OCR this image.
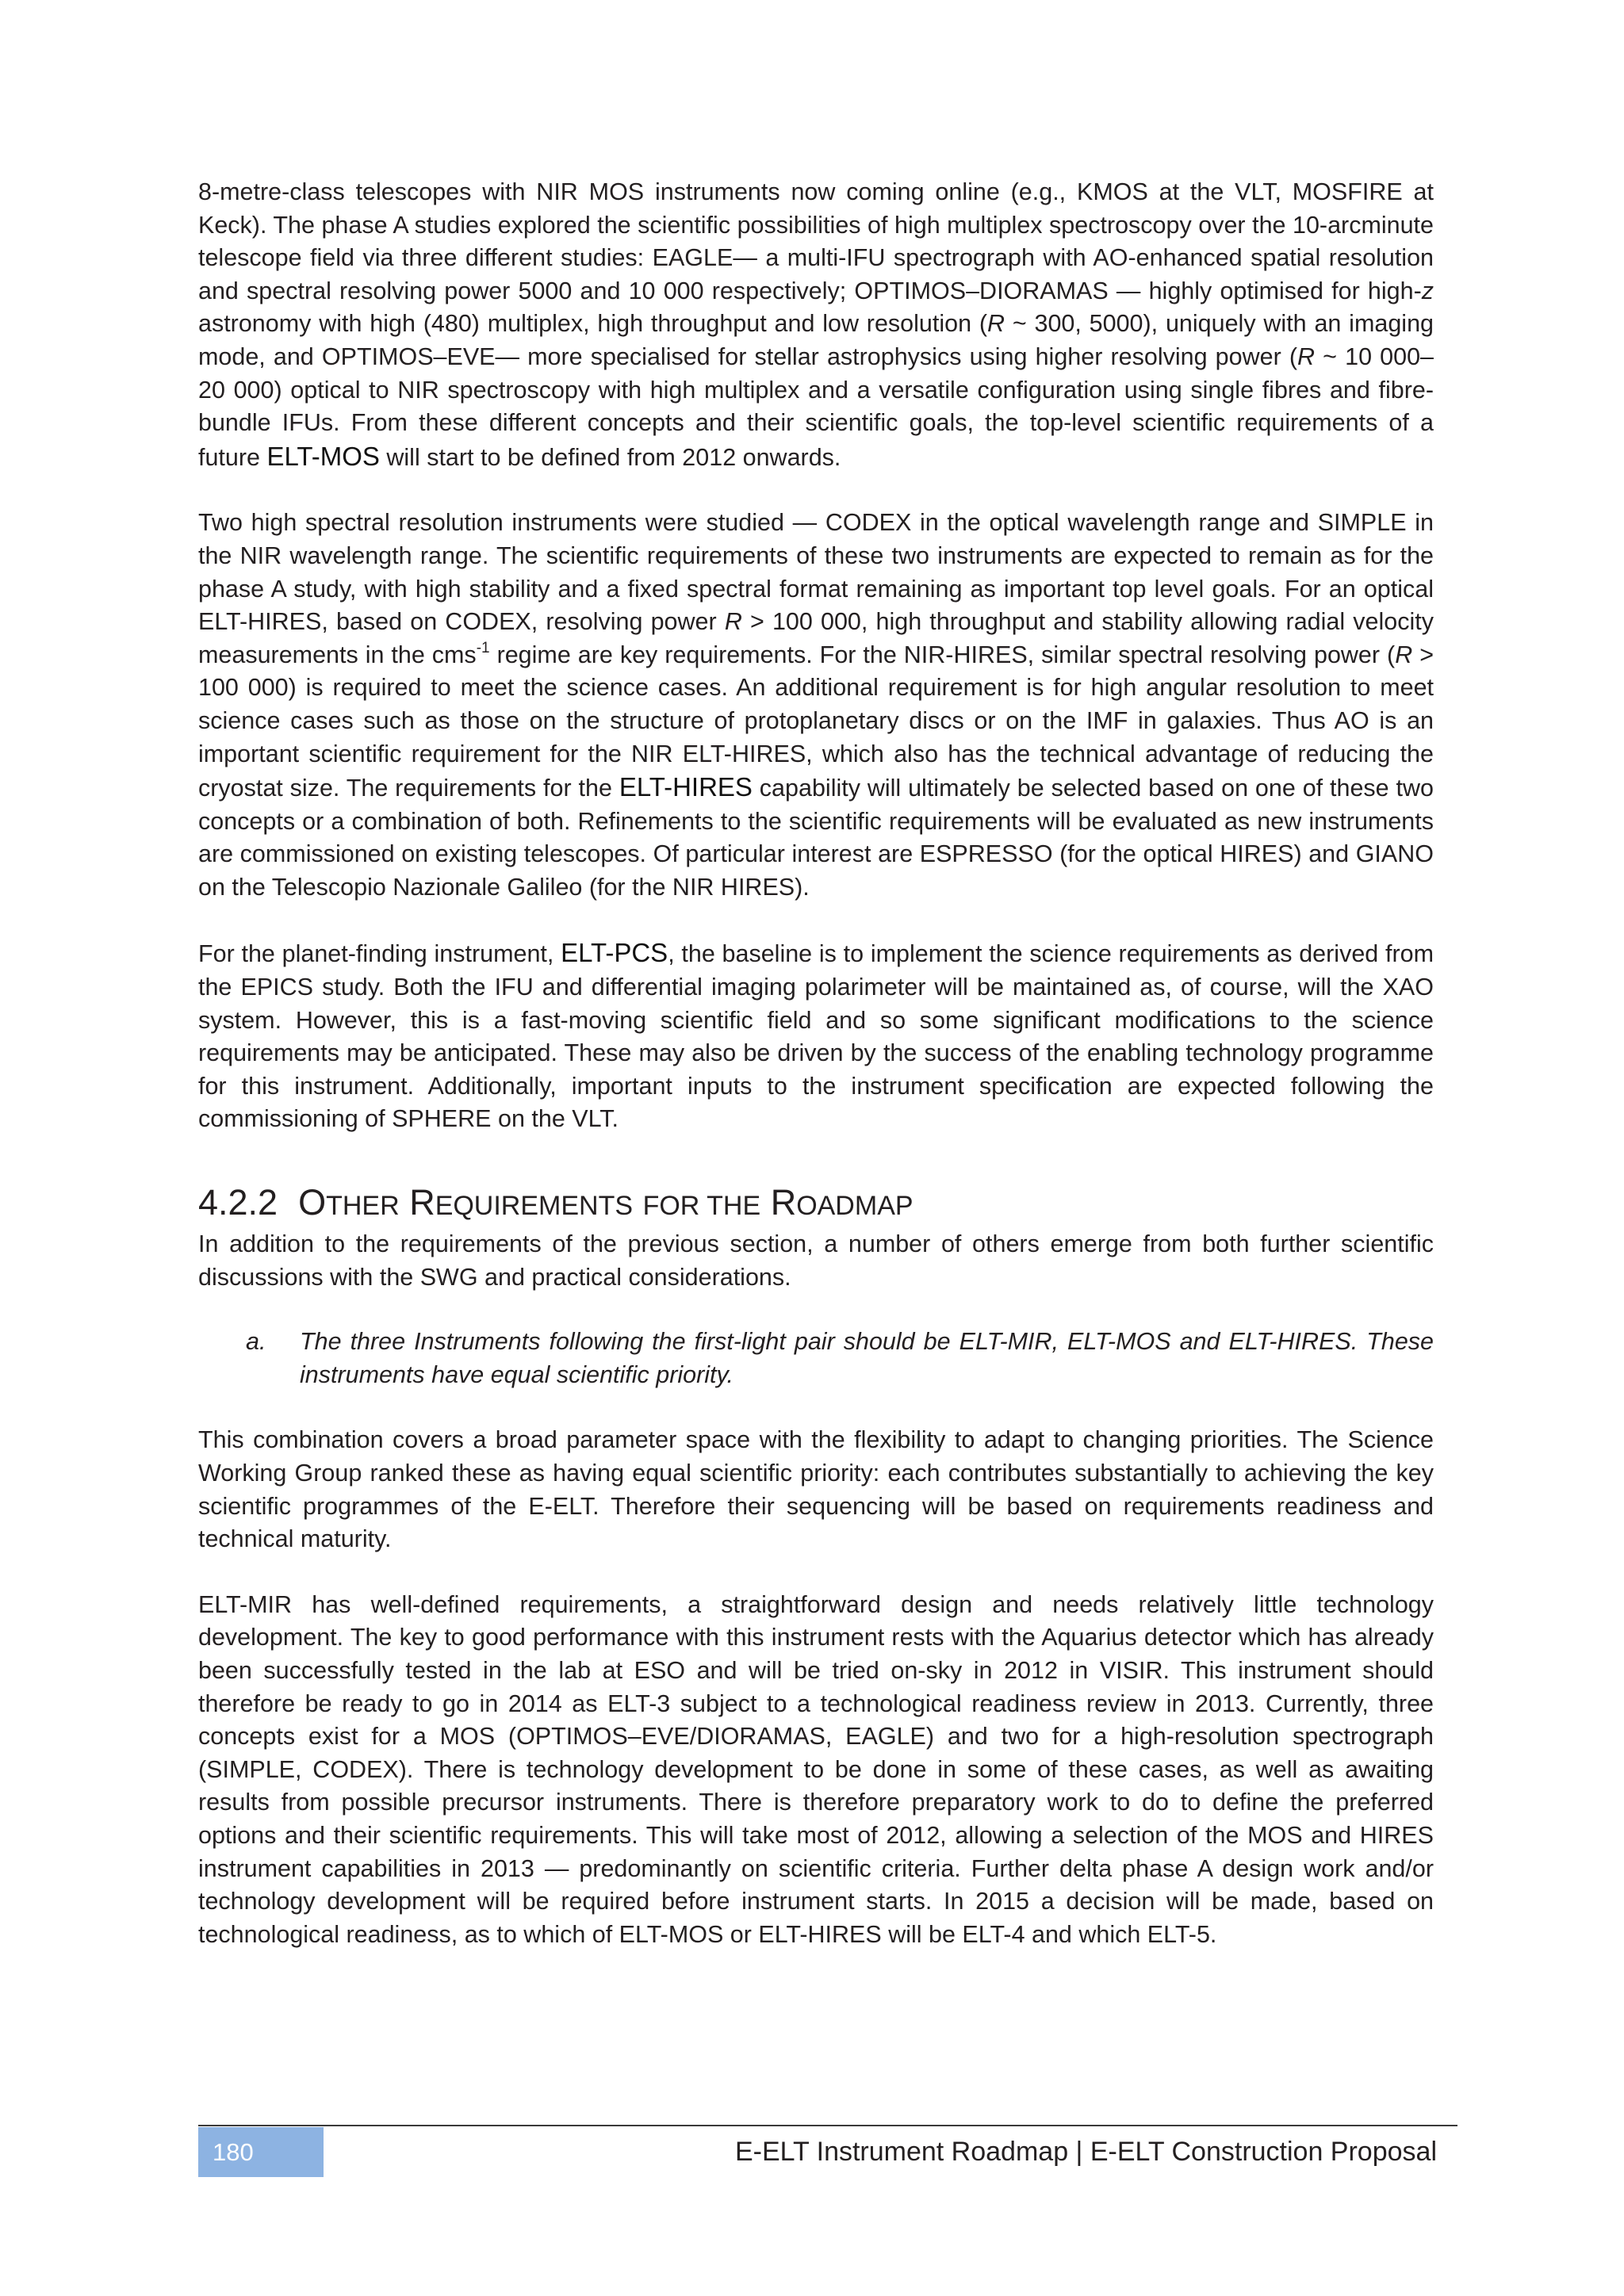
8-metre-class telescopes with NIR MOS instruments now coming online (e.g., KMOS at the VLT, MOSFIRE at Keck). The phase A studies explored the scientific possibilities of high multiplex spectroscopy over the 10-arcminute telescope field via three different studies: EAGLE— a multi-IFU spectrograph with AO-enhanced spatial resolution and spectral resolving power 5000 and 10 000 respectively; OPTIMOS–DIORAMAS — highly optimised for high-z astronomy with high (480) multiplex, high throughput and low resolution (R ~ 300, 5000), uniquely with an imaging mode, and OPTIMOS–EVE— more specialised for stellar astrophysics using higher resolving power (R ~ 10 000–20 000) optical to NIR spectroscopy with high multiplex and a versatile configuration using single fibres and fibre-bundle IFUs. From these different concepts and their scientific goals, the top-level scientific requirements of a future ELT-MOS will start to be defined from 2012 onwards.

Two high spectral resolution instruments were studied — CODEX in the optical wavelength range and SIMPLE in the NIR wavelength range. The scientific requirements of these two instruments are expected to remain as for the phase A study, with high stability and a fixed spectral format remaining as important top level goals. For an optical ELT-HIRES, based on CODEX, resolving power R > 100 000, high throughput and stability allowing radial velocity measurements in the cms$^{-1}$ regime are key requirements. For the NIR-HIRES, similar spectral resolving power (R > 100 000) is required to meet the science cases. An additional requirement is for high angular resolution to meet science cases such as those on the structure of protoplanetary discs or on the IMF in galaxies. Thus AO is an important scientific requirement for the NIR ELT-HIRES, which also has the technical advantage of reducing the cryostat size. The requirements for the ELT-HIRES capability will ultimately be selected based on one of these two concepts or a combination of both. Refinements to the scientific requirements will be evaluated as new instruments are commissioned on existing telescopes. Of particular interest are ESPRESSO (for the optical HIRES) and GIANO on the Telescopio Nazionale Galileo (for the NIR HIRES).

For the planet-finding instrument, ELT-PCS, the baseline is to implement the science requirements as derived from the EPICS study. Both the IFU and differential imaging polarimeter will be maintained as, of course, will the XAO system. However, this is a fast-moving scientific field and so some significant modifications to the science requirements may be anticipated. These may also be driven by the success of the enabling technology programme for this instrument. Additionally, important inputs to the instrument specification are expected following the commissioning of SPHERE on the VLT.

4.2.2 OTHER REQUIREMENTS FOR THE ROADMAP

In addition to the requirements of the previous section, a number of others emerge from both further scientific discussions with the SWG and practical considerations.

a.	The three Instruments following the first-light pair should be ELT-MIR, ELT-MOS and ELT-HIRES. These instruments have equal scientific priority.

This combination covers a broad parameter space with the flexibility to adapt to changing priorities. The Science Working Group ranked these as having equal scientific priority: each contributes substantially to achieving the key scientific programmes of the E-ELT. Therefore their sequencing will be based on requirements readiness and technical maturity.

ELT-MIR has well-defined requirements, a straightforward design and needs relatively little technology development. The key to good performance with this instrument rests with the Aquarius detector which has already been successfully tested in the lab at ESO and will be tried on-sky in 2012 in VISIR. This instrument should therefore be ready to go in 2014 as ELT-3 subject to a technological readiness review in 2013. Currently, three concepts exist for a MOS (OPTIMOS–EVE/DIORAMAS, EAGLE) and two for a high-resolution spectrograph (SIMPLE, CODEX). There is technology development to be done in some of these cases, as well as awaiting results from possible precursor instruments. There is therefore preparatory work to do to define the preferred options and their scientific requirements. This will take most of 2012, allowing a selection of the MOS and HIRES instrument capabilities in 2013 — predominantly on scientific criteria. Further delta phase A design work and/or technology development will be required before instrument starts. In 2015 a decision will be made, based on technological readiness, as to which of ELT-MOS or ELT-HIRES will be ELT-4 and which ELT-5.

180	E-ELT Instrument Roadmap | E-ELT Construction Proposal
